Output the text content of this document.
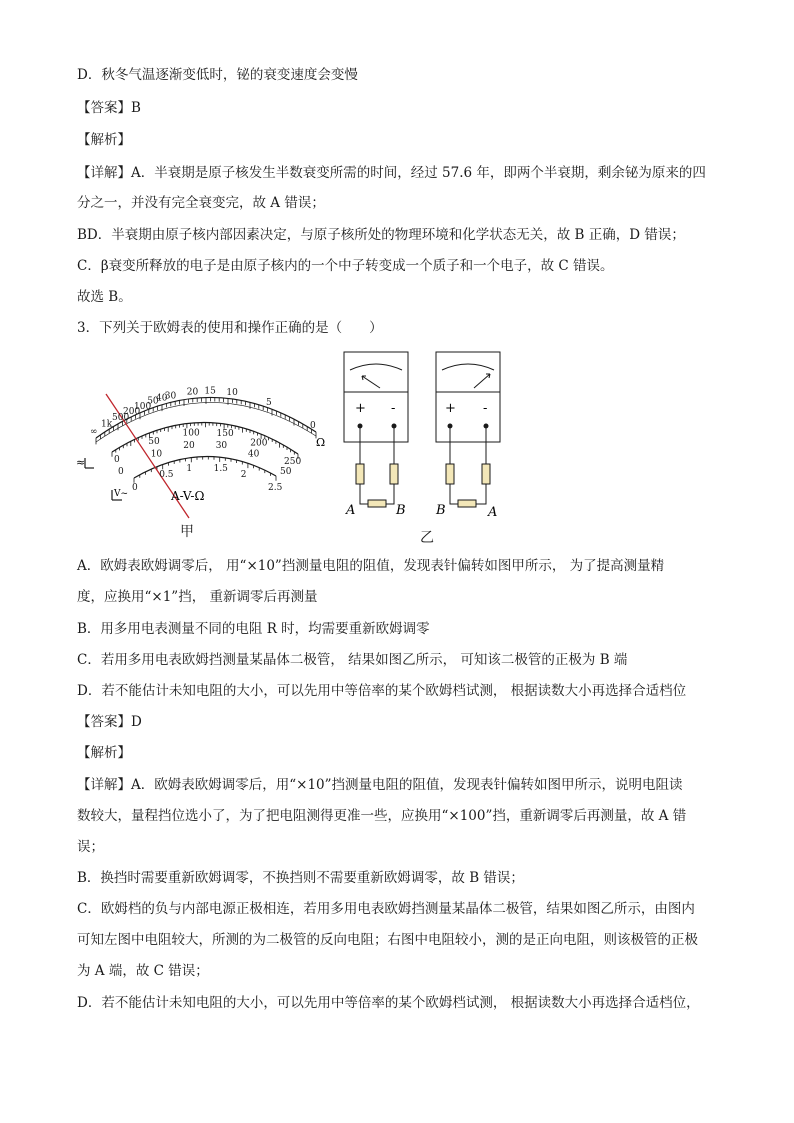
D．秋冬气温逐渐变低时，铋的衰变速度会变慢
【答案】B
【解析】
【详解】A．半衰期是原子核发生半数衰变所需的时间，经过 57.6 年，即两个半衰期，剩余铋为原来的四
分之一，并没有完全衰变完，故 A 错误；
BD．半衰期由原子核内部因素决定，与原子核所处的物理环境和化学状态无关，故 B 正确，D 错误；
C．β衰变所释放的电子是由原子核内的一个中子转变成一个质子和一个电子，故 C 错误。
故选 B。
3．下列关于欧姆表的使用和操作正确的是（　　）
Ω
≈
V~	A-V-Ω
∞
1k
500
200
100
50
40
30 20 15 10
5
0
0
50
100 150
200
250
0
10
20 30
40
50
0
0.5
1 1.5
2
2.5
甲
+ -	+ -
A	B B	A
乙
A．欧姆表欧姆调零后， 用“×10”挡测量电阻的阻值，发现表针偏转如图甲所示， 为了提高测量精
度，应换用“×1”挡， 重新调零后再测量
B．用多用电表测量不同的电阻 R 时，均需要重新欧姆调零
C．若用多用电表欧姆挡测量某晶体二极管， 结果如图乙所示， 可知该二极管的正极为 B 端
D．若不能估计未知电阻的大小，可以先用中等倍率的某个欧姆档试测， 根据读数大小再选择合适档位
【答案】D
【解析】
【详解】A．欧姆表欧姆调零后，用“×10”挡测量电阻的阻值，发现表针偏转如图甲所示，说明电阻读
数较大，量程挡位选小了，为了把电阻测得更准一些，应换用“×100”挡，重新调零后再测量，故 A 错
误；
B．换挡时需要重新欧姆调零，不换挡则不需要重新欧姆调零，故 B 错误；
C．欧姆档的负与内部电源正极相连，若用多用电表欧姆挡测量某晶体二极管，结果如图乙所示，由图内
可知左图中电阻较大，所测的为二极管的反向电阻；右图中电阻较小，测的是正向电阻，则该极管的正极
为 A 端，故 C 错误；
D．若不能估计未知电阻的大小，可以先用中等倍率的某个欧姆档试测， 根据读数大小再选择合适档位，
